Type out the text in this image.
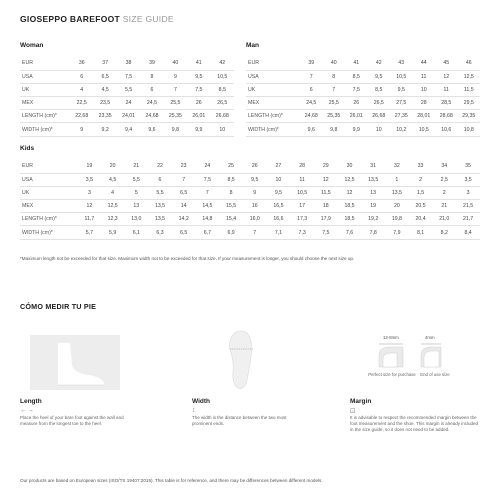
GIOSEPPO BAREFOOT SIZE GUIDE
Woman
EUR	36	37	38	39	40	41	42
USA	6	6,5	7,5	8	9	9,5	10,5
UK	4	4,5	5,5	6	7	7,5	8,5
MEX	22,5	23,5	24	24,5	25,5	26	26,5
LENGTH (cm)*	22,68	23,35	24,01	24,68	25,35	26,01	26,68
WIDTH (cm)*	9	9,2	9,4	9,6	9,8	9,9	10
Man
EUR	39	40	41	42	43	44	45	46
USA	7	8	8,5	9,5	10,5	11	12	12,5
UK	6	7	7,5	8,5	9,5	10	11	11,5
MEX	24,5	25,5	26	26,5	27,5	28	28,5	29,5
LENGTH (cm)*	24,68	25,35	26,01	26,68	27,35	28,01	28,68	29,35
WIDTH (cm)*	9,6	9,8	9,9	10	10,2	10,5	10,6	10,8
Kids
EUR	19	20	21	22	23	24	25	26	27	28	29	30	31	32	33	34	35
USA	3,5	4,5	5,5	6	7	7,5	8,5	9,5	10	11	12	12,5	13,5	1	2	2,5	3,5
UK	3	4	5	5,5	6,5	7	8	9	9,5	10,5	11,5	12	13	13,5	1,5	2	3
MEX	12	12,5	13	13,5	14	14,5	15,5	16	16,5	17	18	18,5	19	20	20,5	21	21,5
LENGTH (cm)*	11,7	12,3	13,0	13,5	14,2	14,8	15,4	16,0	16,6	17,3	17,9	18,5	19,2	19,8	20,4	21,0	21,7
WIDTH (cm)*	5,7	5,9	6,1	6,3	6,5	6,7	6,9	7	7,1	7,3	7,5	7,6	7,8	7,9	8,1	8,2	8,4
*Maximum length not be exceeded for that size. Maximum width not to be exceeded for that size. If your measurement is longer, you should choose the next size up.
CÓMO MEDIR TU PIE
12-8mm	4mm
Perfect size for purchase	End of use size
Length
←→
Place the heel of your bare foot against the wall and measure from the longest toe to the heel.
Width
↕
The width is the distance between the two most prominent ends.
Margin
⊡
It is advisable to respect the recommended margin between the foot measurement and the shoe. This margin is already included in the size guide, so it does not need to be added.
Our products are based on European sizes (ISO/TS 19407:2015). This table is for reference, and there may be differences between different models.
